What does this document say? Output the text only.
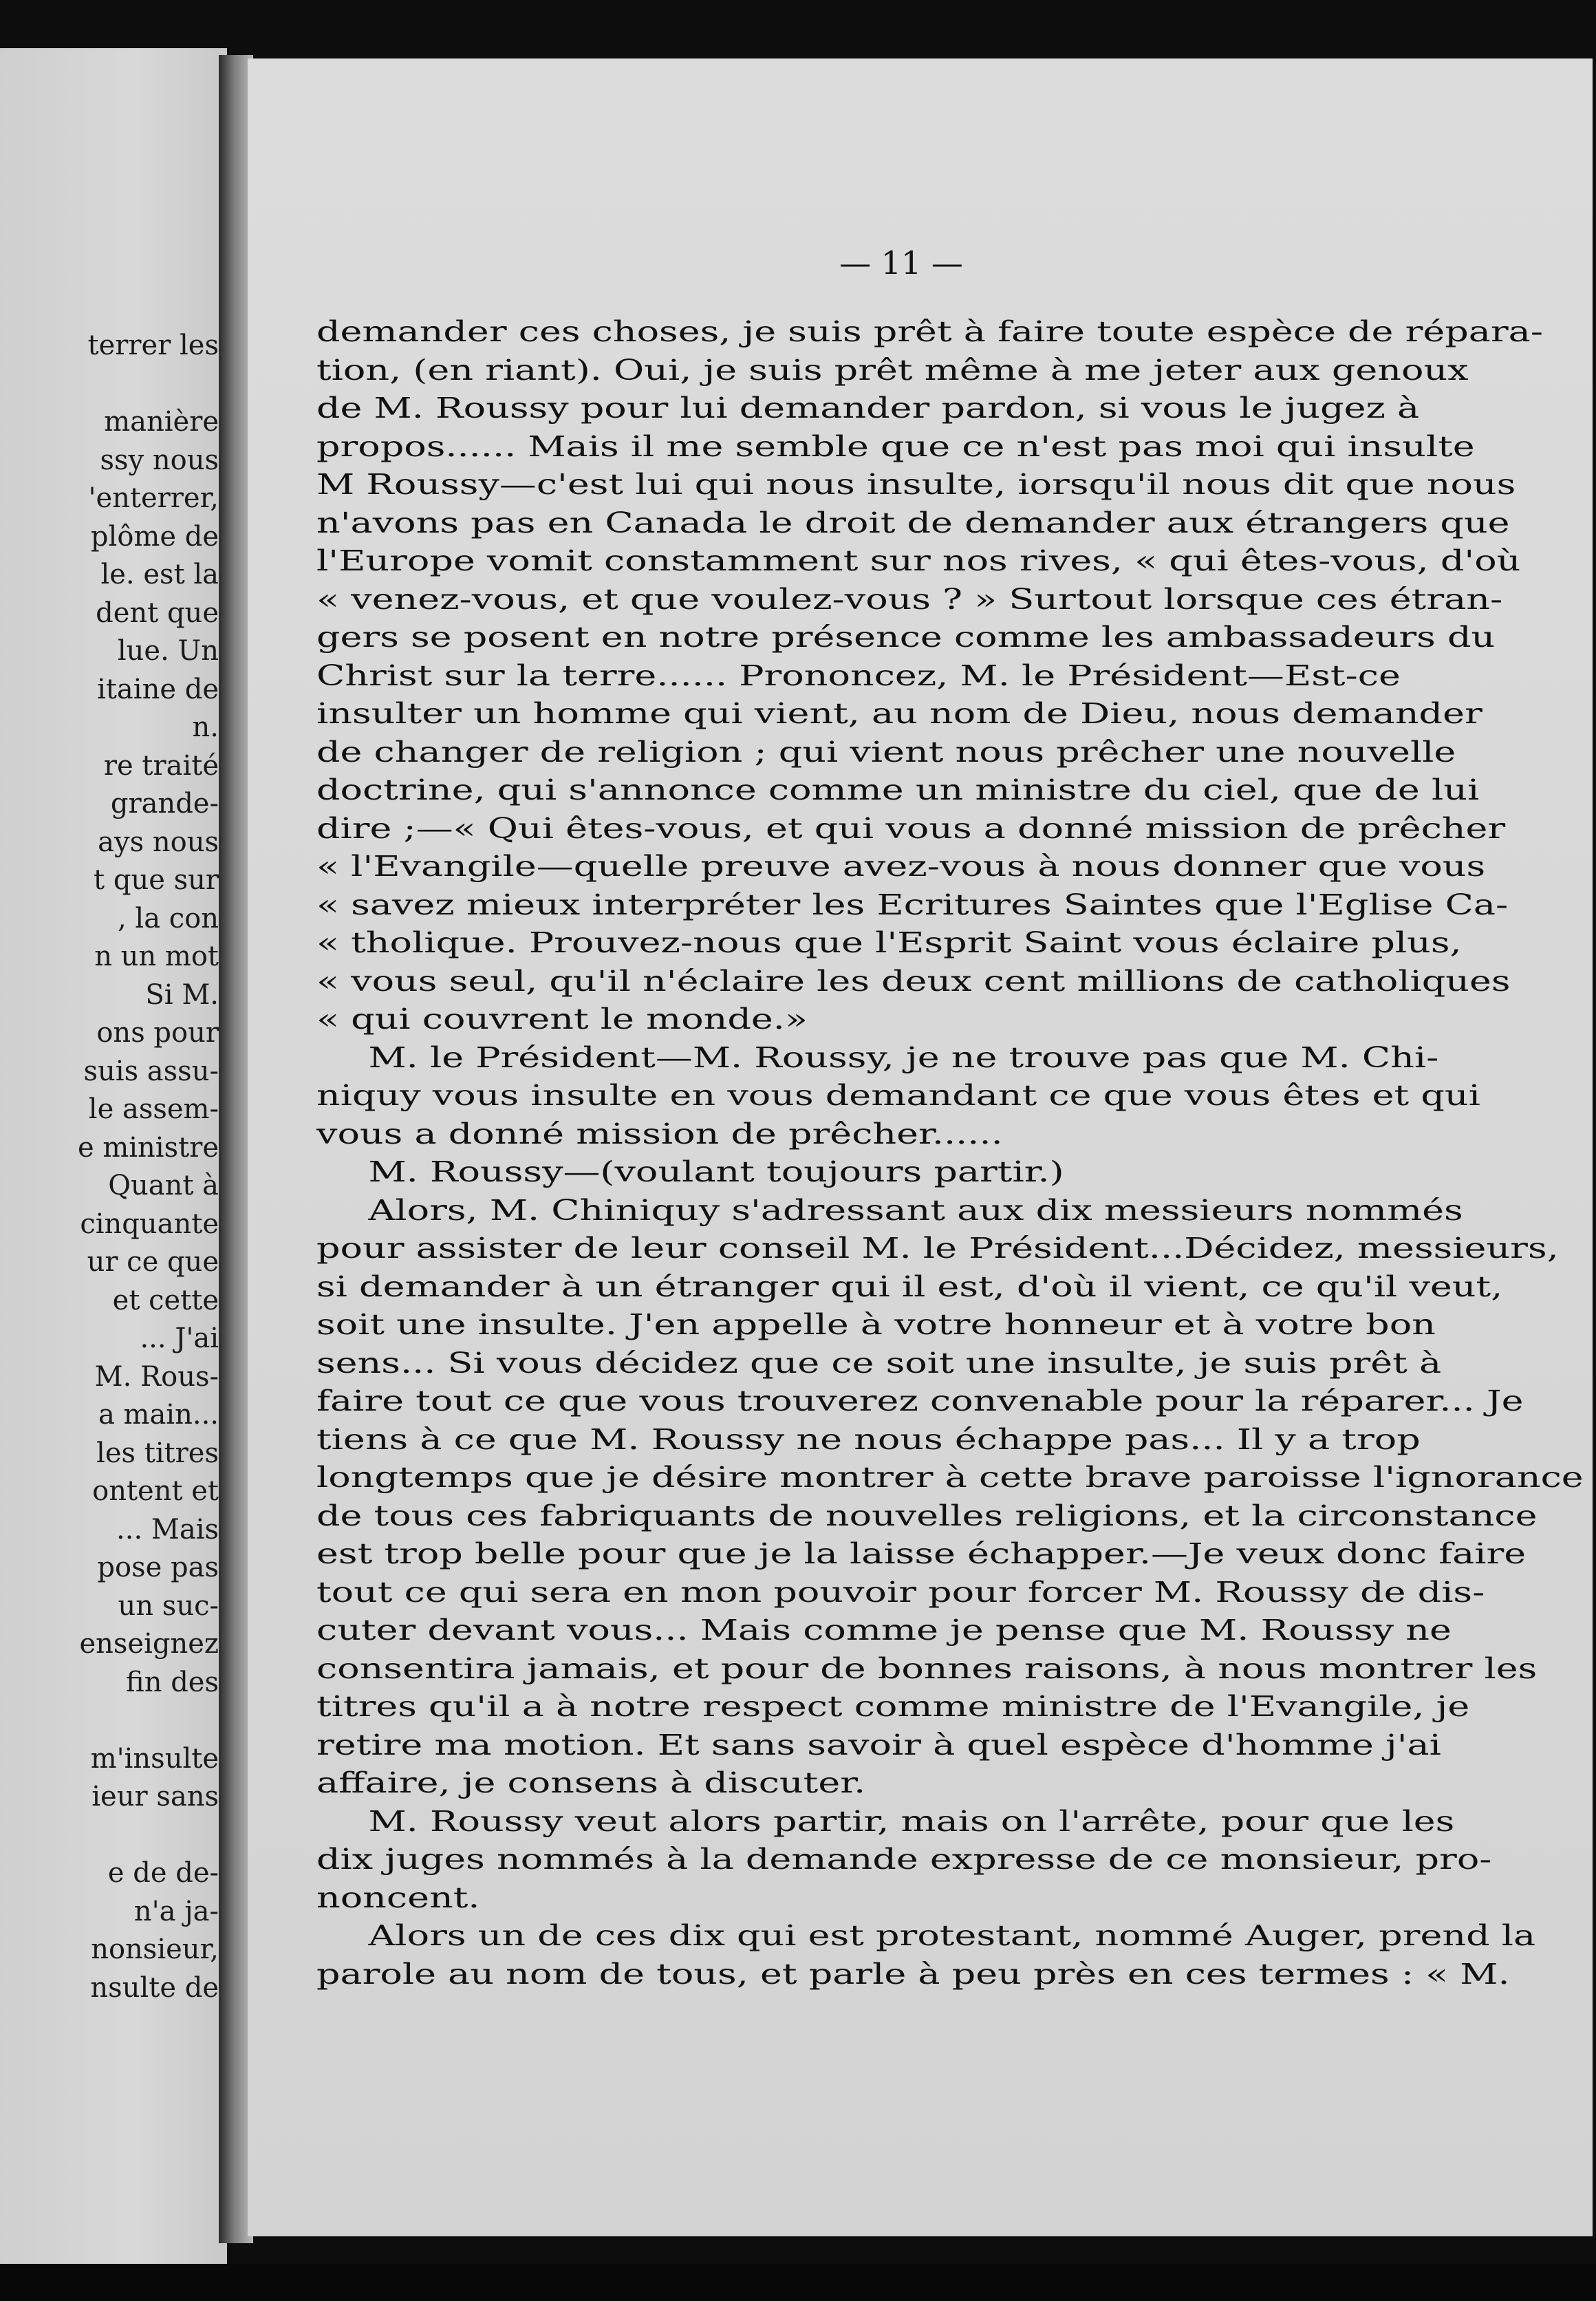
terrer les

manière
ssy nous
'enterrer,
plôme de
le. est la
dent que
lue. Un
itaine de
n.
re traité
grande-
ays nous
t que sur
, la con
n un mot
Si M.
ons pour
suis assu-
le assem-
e ministre
Quant à
cinquante
ur ce que
et cette
... J'ai
M. Rous-
a main...
les titres
ontent et
... Mais
pose pas
un suc-
enseignez
fin des

m'insulte
ieur sans

e de de-
n'a ja-
nonsieur,
nsulte de
— 11 —
demander ces choses, je suis prêt à faire toute espèce de répara-
tion, (en riant). Oui, je suis prêt même à me jeter aux genoux
de M. Roussy pour lui demander pardon, si vous le jugez à
propos...... Mais il me semble que ce n'est pas moi qui insulte
M Roussy—c'est lui qui nous insulte, iorsqu'il nous dit que nous
n'avons pas en Canada le droit de demander aux étrangers que
l'Europe vomit constamment sur nos rives, « qui êtes-vous, d'où
« venez-vous, et que voulez-vous ? » Surtout lorsque ces étran-
gers se posent en notre présence comme les ambassadeurs du
Christ sur la terre...... Prononcez, M. le Président—Est-ce
insulter un homme qui vient, au nom de Dieu, nous demander
de changer de religion ; qui vient nous prêcher une nouvelle
doctrine, qui s'annonce comme un ministre du ciel, que de lui
dire ;—« Qui êtes-vous, et qui vous a donné mission de prêcher
« l'Evangile—quelle preuve avez-vous à nous donner que vous
« savez mieux interpréter les Ecritures Saintes que l'Eglise Ca-
« tholique. Prouvez-nous que l'Esprit Saint vous éclaire plus,
« vous seul, qu'il n'éclaire les deux cent millions de catholiques
« qui couvrent le monde.»
M. le Président—M. Roussy, je ne trouve pas que M. Chi-
niquy vous insulte en vous demandant ce que vous êtes et qui
vous a donné mission de prêcher......
M. Roussy—(voulant toujours partir.)
Alors, M. Chiniquy s'adressant aux dix messieurs nommés
pour assister de leur conseil M. le Président...Décidez, messieurs,
si demander à un étranger qui il est, d'où il vient, ce qu'il veut,
soit une insulte. J'en appelle à votre honneur et à votre bon
sens... Si vous décidez que ce soit une insulte, je suis prêt à
faire tout ce que vous trouverez convenable pour la réparer... Je
tiens à ce que M. Roussy ne nous échappe pas... Il y a trop
longtemps que je désire montrer à cette brave paroisse l'ignorance
de tous ces fabriquants de nouvelles religions, et la circonstance
est trop belle pour que je la laisse échapper.—Je veux donc faire
tout ce qui sera en mon pouvoir pour forcer M. Roussy de dis-
cuter devant vous... Mais comme je pense que M. Roussy ne
consentira jamais, et pour de bonnes raisons, à nous montrer les
titres qu'il a à notre respect comme ministre de l'Evangile, je
retire ma motion. Et sans savoir à quel espèce d'homme j'ai
affaire, je consens à discuter.
M. Roussy veut alors partir, mais on l'arrête, pour que les
dix juges nommés à la demande expresse de ce monsieur, pro-
noncent.
Alors un de ces dix qui est protestant, nommé Auger, prend la
parole au nom de tous, et parle à peu près en ces termes : « M.
